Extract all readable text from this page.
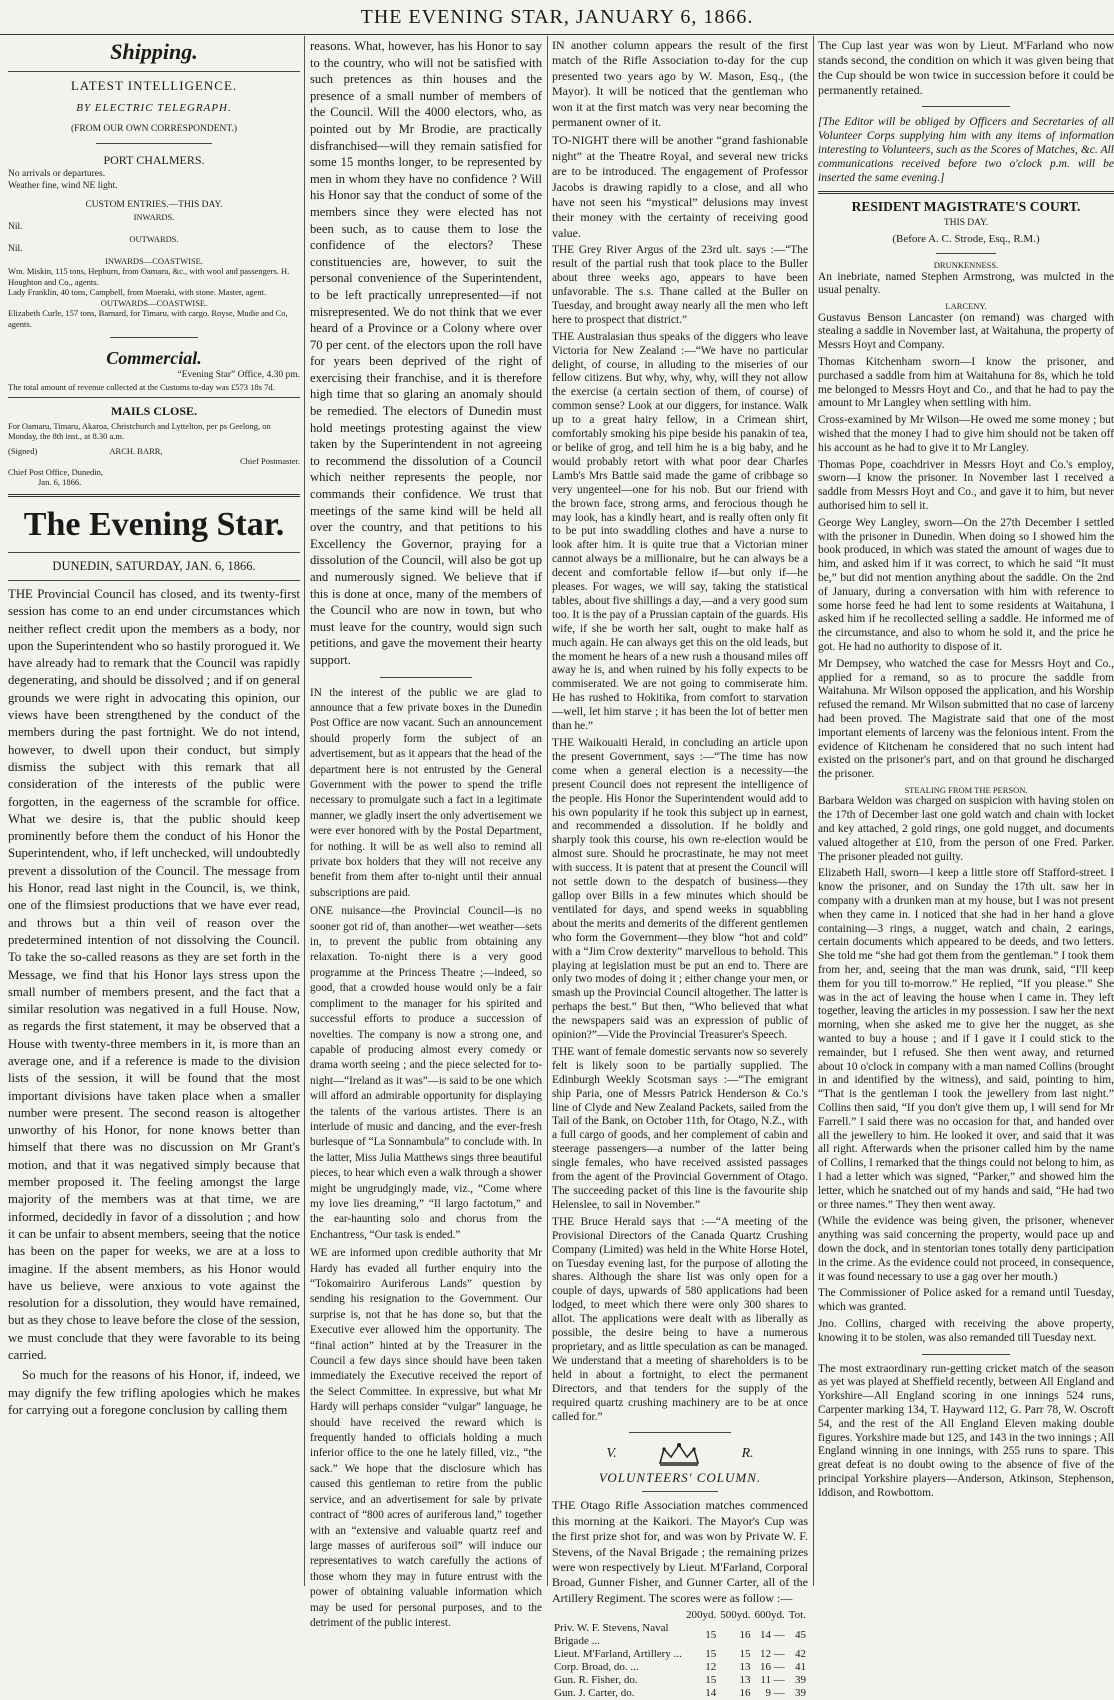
THE EVENING STAR, JANUARY 6, 1866.
Shipping.
LATEST INTELLIGENCE.
BY ELECTRIC TELEGRAPH.
(FROM OUR OWN CORRESPONDENT.)
PORT CHALMERS.
No arrivals or departures.
Weather fine, wind NE light.
CUSTOM ENTRIES.—THIS DAY.
INWARDS.
Nil.
OUTWARDS.
Nil.
INWARDS—COASTWISE.
Wm. Miskin, 115 tons, Hepburn, from Oamaru, &c., with wool and passengers. H. Houghton and Co., agents.
Lady Franklin, 40 tons, Campbell, from Moeraki, with stone. Master, agent.
OUTWARDS—COASTWISE.
Elizabeth Curle, 157 tons, Barnard, for Timaru, with cargo. Royse, Mudie and Co, agents.
Commercial.
“Evening Star” Office, 4.30 pm.
The total amount of revenue collected at the Customs to-day was £573 18s 7d.
MAILS CLOSE.
For Oamaru, Timaru, Akaroa, Christchurch and Lyttelton, per ps Geelong, on Monday, the 8th inst., at 8.30 a.m.
(Signed)	ARCH. BARR,
Chief Postmaster.
Chief Post Office, Dunedin,
Jan. 6, 1866.
The Evening Star.
DUNEDIN, SATURDAY, JAN. 6, 1866.

THE Provincial Council has closed, and its twenty-first session has come to an end under circumstances which neither reflect credit upon the members as a body, nor upon the Superintendent who so hastily prorogued it. We have already had to remark that the Council was rapidly degenerating, and should be dissolved ; and if on general grounds we were right in advocating this opinion, our views have been strengthened by the conduct of the members during the past fortnight. We do not intend, however, to dwell upon their conduct, but simply dismiss the subject with this remark that all consideration of the interests of the public were forgotten, in the eagerness of the scramble for office. What we desire is, that the public should keep prominently before them the conduct of his Honor the Superintendent, who, if left unchecked, will undoubtedly prevent a dissolution of the Council. The message from his Honor, read last night in the Council, is, we think, one of the flimsiest productions that we have ever read, and throws but a thin veil of reason over the predetermined intention of not dissolving the Council. To take the so-called reasons as they are set forth in the Message, we find that his Honor lays stress upon the small number of members present, and the fact that a similar resolution was negatived in a full House. Now, as regards the first statement, it may be observed that a House with twenty-three members in it, is more than an average one, and if a reference is made to the division lists of the session, it will be found that the most important divisions have taken place when a smaller number were present. The second reason is altogether unworthy of his Honor, for none knows better than himself that there was no discussion on Mr Grant's motion, and that it was negatived simply because that member proposed it. The feeling amongst the large majority of the members was at that time, we are informed, decidedly in favor of a dissolution ; and how it can be unfair to absent members, seeing that the notice has been on the paper for weeks, we are at a loss to imagine. If the absent members, as his Honor would have us believe, were anxious to vote against the resolution for a dissolution, they would have remained, but as they chose to leave before the close of the session, we must conclude that they were favorable to its being carried.

So much for the reasons of his Honor, if, indeed, we may dignify the few trifling apologies which he makes for carrying out a foregone conclusion by calling them

reasons. What, however, has his Honor to say to the country, who will not be satisfied with such pretences as thin houses and the presence of a small number of members of the Council. Will the 4000 electors, who, as pointed out by Mr Brodie, are practically disfranchised—will they remain satisfied for some 15 months longer, to be represented by men in whom they have no confidence ? Will his Honor say that the conduct of some of the members since they were elected has not been such, as to cause them to lose the confidence of the electors? These constituencies are, however, to suit the personal convenience of the Superintendent, to be left practically unrepresented—if not misrepresented. We do not think that we ever heard of a Province or a Colony where over 70 per cent. of the electors upon the roll have for years been deprived of the right of exercising their franchise, and it is therefore high time that so glaring an anomaly should be remedied. The electors of Dunedin must hold meetings protesting against the view taken by the Superintendent in not agreeing to recommend the dissolution of a Council which neither represents the people, nor commands their confidence. We trust that meetings of the same kind will be held all over the country, and that petitions to his Excellency the Governor, praying for a dissolution of the Council, will also be got up and numerously signed. We believe that if this is done at once, many of the members of the Council who are now in town, but who must leave for the country, would sign such petitions, and gave the movement their hearty support.

IN the interest of the public we are glad to announce that a few private boxes in the Dunedin Post Office are now vacant. Such an announcement should properly form the subject of an advertisement, but as it appears that the head of the department here is not entrusted by the General Government with the power to spend the trifle necessary to promulgate such a fact in a legitimate manner, we gladly insert the only advertisement we were ever honored with by the Postal Department, for nothing. It will be as well also to remind all private box holders that they will not receive any benefit from them after to-night until their annual subscriptions are paid.

ONE nuisance—the Provincial Council—is no sooner got rid of, than another—wet weather—sets in, to prevent the public from obtaining any relaxation. To-night there is a very good programme at the Princess Theatre ;—indeed, so good, that a crowded house would only be a fair compliment to the manager for his spirited and successful efforts to produce a succession of novelties. The company is now a strong one, and capable of producing almost every comedy or drama worth seeing ; and the piece selected for to-night—“Ireland as it was”—is said to be one which will afford an admirable opportunity for displaying the talents of the various artistes. There is an interlude of music and dancing, and the ever-fresh burlesque of “La Sonnambula” to conclude with. In the latter, Miss Julia Matthews sings three beautiful pieces, to hear which even a walk through a shower might be ungrudgingly made, viz., “Come where my love lies dreaming,” “Il largo factotum,” and the ear-haunting solo and chorus from the Enchantress, “Our task is ended.”

WE are informed upon credible authority that Mr Hardy has evaded all further enquiry into the “Tokomairiro Auriferous Lands” question by sending his resignation to the Government. Our surprise is, not that he has done so, but that the Executive ever allowed him the opportunity. The “final action” hinted at by the Treasurer in the Council a few days since should have been taken immediately the Executive received the report of the Select Committee. In expressive, but what Mr Hardy will perhaps consider “vulgar” language, he should have received the reward which is frequently handed to officials holding a much inferior office to the one he lately filled, viz., “the sack.” We hope that the disclosure which has caused this gentleman to retire from the public service, and an advertisement for sale by private contract of “800 acres of auriferous land,” together with an “extensive and valuable quartz reef and large masses of auriferous soil” will induce our representatives to watch carefully the actions of those whom they may in future entrust with the power of obtaining valuable information which may be used for personal purposes, and to the detriment of the public interest.

IN another column appears the result of the first match of the Rifle Association to-day for the cup presented two years ago by W. Mason, Esq., (the Mayor). It will be noticed that the gentleman who won it at the first match was very near becoming the permanent owner of it.

TO-NIGHT there will be another “grand fashionable night” at the Theatre Royal, and several new tricks are to be introduced. The engagement of Professor Jacobs is drawing rapidly to a close, and all who have not seen his “mystical” delusions may invest their money with the certainty of receiving good value.

THE Grey River Argus of the 23rd ult. says :—“The result of the partial rush that took place to the Buller about three weeks ago, appears to have been unfavorable. The s.s. Thane called at the Buller on Tuesday, and brought away nearly all the men who left here to prospect that district.”

THE Australasian thus speaks of the diggers who leave Victoria for New Zealand :—“We have no particular delight, of course, in alluding to the miseries of our fellow citizens. But why, why, why, will they not allow the exercise (a certain section of them, of course) of common sense? Look at our diggers, for instance. Walk up to a great hairy fellow, in a Crimean shirt, comfortably smoking his pipe beside his panakin of tea, or belike of grog, and tell him he is a big baby, and he would probably retort with what poor dear Charles Lamb's Mrs Battle said made the game of cribbage so very ungenteel—one for his nob. But our friend with the brown face, strong arms, and ferocious though he may look, has a kindly heart, and is really often only fit to be put into swaddling clothes and have a nurse to look after him. It is quite true that a Victorian miner cannot always be a millionaire, but he can always be a decent and comfortable fellow if—but only if—he pleases. For wages, we will say, taking the statistical tables, about five shillings a day,—and a very good sum too. It is the pay of a Prussian captain of the guards. His wife, if she be worth her salt, ought to make half as much again. He can always get this on the old leads, but the moment he hears of a new rush a thousand miles off away he is, and when ruined by his folly expects to be commiserated. We are not going to commiserate him. He has rushed to Hokitika, from comfort to starvation—well, let him starve ; it has been the lot of better men than he.”

THE Waikouaiti Herald, in concluding an article upon the present Government, says :—“The time has now come when a general election is a necessity—the present Council does not represent the intelligence of the people. His Honor the Superintendent would add to his own popularity if he took this subject up in earnest, and recommended a dissolution. If he boldly and sharply took this course, his own re-election would be almost sure. Should he procrastinate, he may not meet with success. It is patent that at present the Council will not settle down to the despatch of business—they gallop over Bills in a few minutes which should be ventilated for days, and spend weeks in squabbling about the merits and demerits of the different gentlemen who form the Government—they blow “hot and cold” with a “Jim Crow dexterity” marvellous to behold. This playing at legislation must be put an end to. There are only two modes of doing it ; either change your men, or smash up the Provincial Council altogether. The latter is perhaps the best.” But then, “Who believed that what the newspapers said was an expression of public of opinion?”—Vide the Provincial Treasurer's Speech.

THE want of female domestic servants now so severely felt is likely soon to be partially supplied. The Edinburgh Weekly Scotsman says :—“The emigrant ship Paria, one of Messrs Patrick Henderson & Co.'s line of Clyde and New Zealand Packets, sailed from the Tail of the Bank, on October 11th, for Otago, N.Z., with a full cargo of goods, and her complement of cabin and steerage passengers—a number of the latter being single females, who have received assisted passages from the agent of the Provincial Government of Otago. The succeeding packet of this line is the favourite ship Helenslee, to sail in November.”

THE Bruce Herald says that :—“A meeting of the Provisional Directors of the Canada Quartz Crushing Company (Limited) was held in the White Horse Hotel, on Tuesday evening last, for the purpose of alloting the shares. Although the share list was only open for a couple of days, upwards of 580 applications had been lodged, to meet which there were only 300 shares to allot. The applications were dealt with as liberally as possible, the desire being to have a numerous proprietary, and as little speculation as can be managed. We understand that a meeting of shareholders is to be held in about a fortnight, to elect the permanent Directors, and that tenders for the supply of the required quartz crushing machinery are to be at once called for.”

V.	R.
VOLUNTEERS' COLUMN.

THE Otago Rifle Association matches commenced this morning at the Kaikori. The Mayor's Cup was the first prize shot for, and was won by Private W. F. Stevens, of the Naval Brigade ; the remaining prizes were won respectively by Lieut. M'Farland, Corporal Broad, Gunner Fisher, and Gunner Carter, all of the Artillery Regiment. The scores were as follow :—

	200yd.	500yd.	600yd.	Tot.
Priv. W. F. Stevens, Naval Brigade ...	15	16	14 —	45
Lieut. M'Farland, Artillery ...	15	15	12 —	42
Corp. Broad, do. ...	12	13	16 —	41
Gun. R. Fisher, do.	15	13	11 —	39
Gun. J. Carter, do.	14	16	9 —	39

The Cup last year was won by Lieut. M'Farland who now stands second, the condition on which it was given being that the Cup should be won twice in succession before it could be permanently retained.

[The Editor will be obliged by Officers and Secretaries of all Volunteer Corps supplying him with any items of information interesting to Volunteers, such as the Scores of Matches, &c. All communications received before two o'clock p.m. will be inserted the same evening.]

RESIDENT MAGISTRATE'S COURT.
THIS DAY.
(Before A. C. Strode, Esq., R.M.)
DRUNKENNESS.

An inebriate, named Stephen Armstrong, was mulcted in the usual penalty.

LARCENY.

Gustavus Benson Lancaster (on remand) was charged with stealing a saddle in November last, at Waitahuna, the property of Messrs Hoyt and Company.

Thomas Kitchenham sworn—I know the prisoner, and purchased a saddle from him at Waitahuna for 8s, which he told me belonged to Messrs Hoyt and Co., and that he had to pay the amount to Mr Langley when settling with him.

Cross-examined by Mr Wilson—He owed me some money ; but wished that the money I had to give him should not be taken off his account as he had to give it to Mr Langley.

Thomas Pope, coachdriver in Messrs Hoyt and Co.'s employ, sworn—I know the prisoner. In November last I received a saddle from Messrs Hoyt and Co., and gave it to him, but never authorised him to sell it.

George Wey Langley, sworn—On the 27th December I settled with the prisoner in Dunedin. When doing so I showed him the book produced, in which was stated the amount of wages due to him, and asked him if it was correct, to which he said “It must be,” but did not mention anything about the saddle. On the 2nd of January, during a conversation with him with reference to some horse feed he had lent to some residents at Waitahuna, I asked him if he recollected selling a saddle. He informed me of the circumstance, and also to whom he sold it, and the price he got. He had no authority to dispose of it.

Mr Dempsey, who watched the case for Messrs Hoyt and Co., applied for a remand, so as to procure the saddle from Waitahuna. Mr Wilson opposed the application, and his Worship refused the remand. Mr Wilson submitted that no case of larceny had been proved. The Magistrate said that one of the most important elements of larceny was the felonious intent. From the evidence of Kitchenam he considered that no such intent had existed on the prisoner's part, and on that ground he discharged the prisoner.

STEALING FROM THE PERSON.

Barbara Weldon was charged on suspicion with having stolen on the 17th of December last one gold watch and chain with locket and key attached, 2 gold rings, one gold nugget, and documents valued altogether at £10, from the person of one Fred. Parker. The prisoner pleaded not guilty.

Elizabeth Hall, sworn—I keep a little store off Stafford-street. I know the prisoner, and on Sunday the 17th ult. saw her in company with a drunken man at my house, but I was not present when they came in. I noticed that she had in her hand a glove containing—3 rings, a nugget, watch and chain, 2 earings, certain documents which appeared to be deeds, and two letters. She told me “she had got them from the gentleman.” I took them from her, and, seeing that the man was drunk, said, “I'll keep them for you till to-morrow.” He replied, “If you please.” She was in the act of leaving the house when I came in. They left together, leaving the articles in my possession. I saw her the next morning, when she asked me to give her the nugget, as she wanted to buy a house ; and if I gave it I could stick to the remainder, but I refused. She then went away, and returned about 10 o'clock in company with a man named Collins (brought in and identified by the witness), and said, pointing to him, “That is the gentleman I took the jewellery from last night.” Collins then said, “If you don't give them up, I will send for Mr Farrell.” I said there was no occasion for that, and handed over all the jewellery to him. He looked it over, and said that it was all right. Afterwards when the prisoner called him by the name of Collins, I remarked that the things could not belong to him, as I had a letter which was signed, “Parker,” and showed him the letter, which he snatched out of my hands and said, “He had two or three names.” They then went away.

(While the evidence was being given, the prisoner, whenever anything was said concerning the property, would pace up and down the dock, and in stentorian tones totally deny participation in the crime. As the evidence could not proceed, in consequence, it was found necessary to use a gag over her mouth.)

The Commissioner of Police asked for a remand until Tuesday, which was granted.

Jno. Collins, charged with receiving the above property, knowing it to be stolen, was also remanded till Tuesday next.

The most extraordinary run-getting cricket match of the season as yet was played at Sheffield recently, between All England and Yorkshire—All England scoring in one innings 524 runs, Carpenter marking 134, T. Hayward 112, G. Parr 78, W. Oscroft 54, and the rest of the All England Eleven making double figures. Yorkshire made but 125, and 143 in the two innings ; All England winning in one innings, with 255 runs to spare. This great defeat is no doubt owing to the absence of five of the principal Yorkshire players—Anderson, Atkinson, Stephenson, Iddison, and Rowbottom.
